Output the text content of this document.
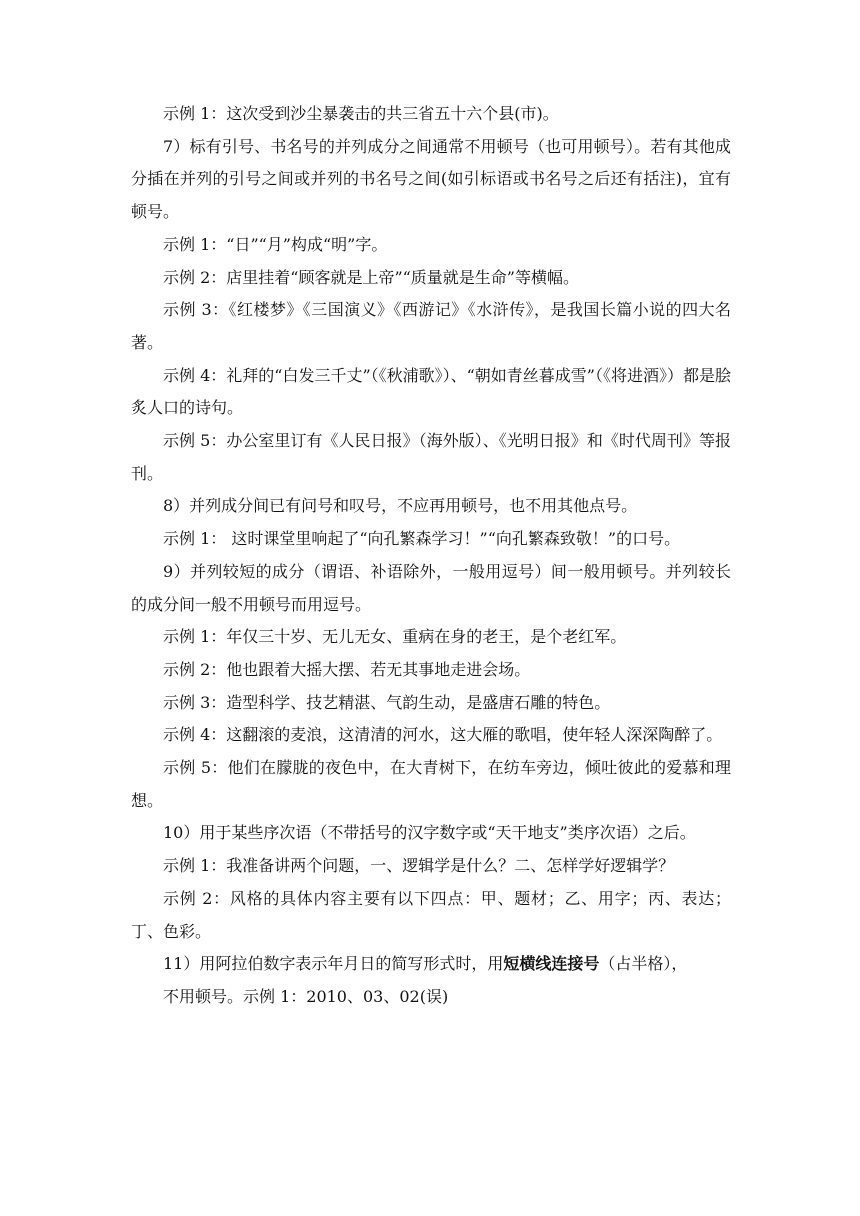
示例 1：这次受到沙尘暴袭击的共三省五十六个县(市)。

7）标有引号、书名号的并列成分之间通常不用顿号（也可用顿号）。若有其他成分插在并列的引号之间或并列的书名号之间(如引标语或书名号之后还有括注)，宜有顿号。

示例 1：“日”“月”构成“明”字。

示例 2：店里挂着“顾客就是上帝”“质量就是生命”等横幅。

示例 3：《红楼梦》《三国演义》《西游记》《水浒传》，是我国长篇小说的四大名著。

示例 4：礼拜的“白发三千丈”（《秋浦歌》）、“朝如青丝暮成雪”（《将进酒》）都是脍炙人口的诗句。

示例 5：办公室里订有《人民日报》（海外版）、《光明日报》和《时代周刊》等报刊。

8）并列成分间已有问号和叹号，不应再用顿号，也不用其他点号。

示例 1： 这时课堂里响起了“向孔繁森学习！”“向孔繁森致敬！”的口号。

9）并列较短的成分（谓语、补语除外，一般用逗号）间一般用顿号。并列较长的成分间一般不用顿号而用逗号。

示例 1：年仅三十岁、无儿无女、重病在身的老王，是个老红军。

示例 2：他也跟着大摇大摆、若无其事地走进会场。

示例 3：造型科学、技艺精湛、气韵生动，是盛唐石雕的特色。

示例 4：这翻滚的麦浪，这清清的河水，这大雁的歌唱，使年轻人深深陶醉了。

示例 5：他们在朦胧的夜色中，在大青树下，在纺车旁边，倾吐彼此的爱慕和理想。

10）用于某些序次语（不带括号的汉字数字或“天干地支”类序次语）之后。

示例 1：我准备讲两个问题，一、逻辑学是什么？二、怎样学好逻辑学？

示例 2：风格的具体内容主要有以下四点：甲、题材；乙、用字；丙、表达；丁、色彩。

11）用阿拉伯数字表示年月日的简写形式时，用短横线连接号（占半格），

不用顿号。示例 1：2010、03、02(误)
